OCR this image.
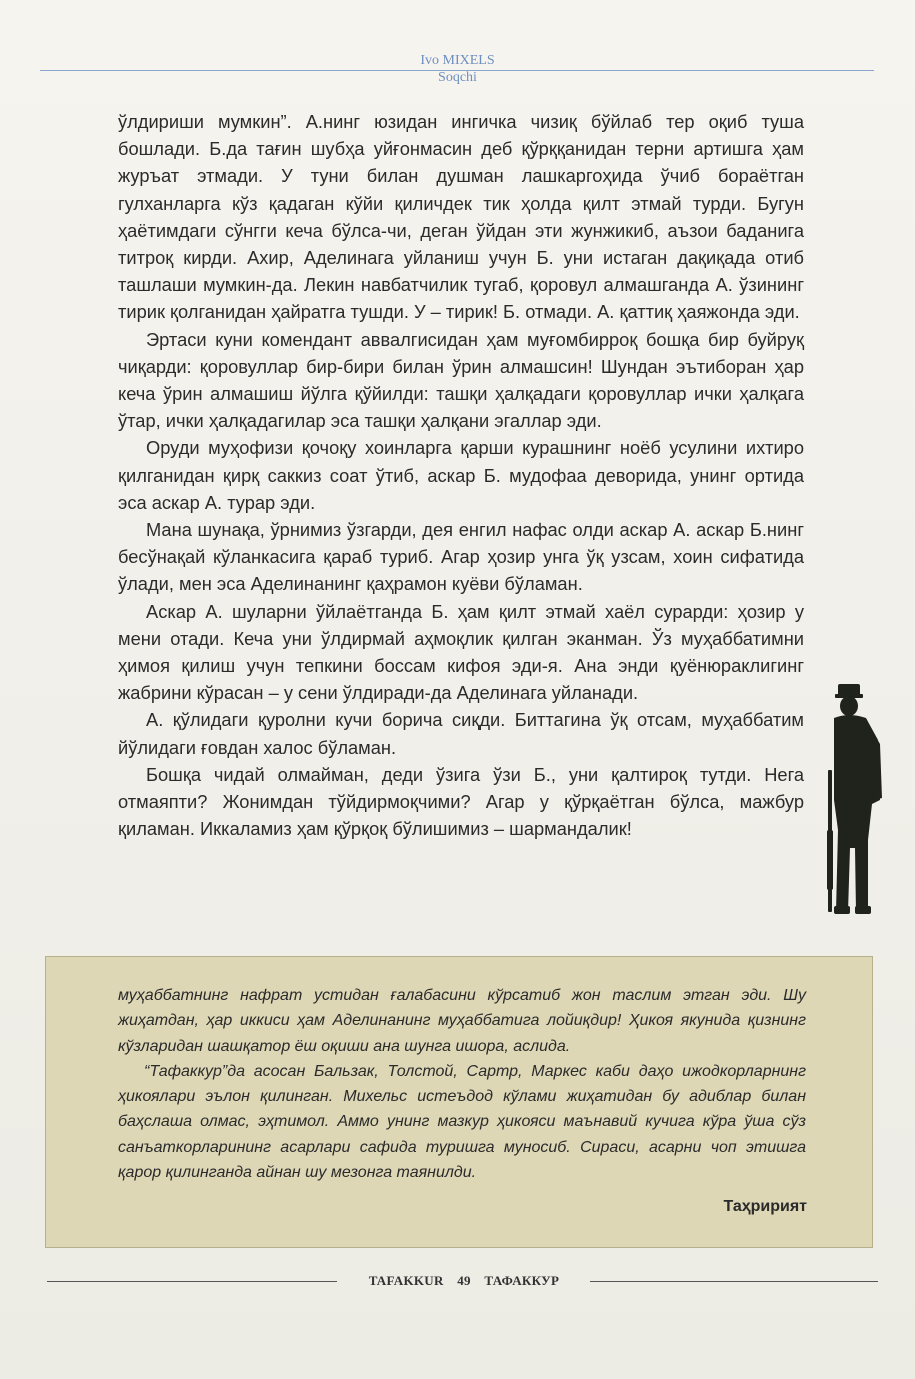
Ivo MIXELS
Soqchi

ўлдириши мумкин”. А.нинг юзидан ингичка чизиқ бўйлаб тер оқиб туша бошлади. Б.да тағин шубҳа уйғонмасин деб қўрққанидан терни артишга ҳам журъат этмади. У туни билан душман лашкаргоҳида ўчиб бораётган гулханларга кўз қадаган кўйи қиличдек тик ҳолда қилт этмай турди. Бугун ҳаётимдаги сўнгги кеча бўлса-чи, деган ўйдан эти жунжикиб, аъзои баданига титроқ кирди. Ахир, Аделинага уйланиш учун Б. уни истаган дақиқада отиб ташлаши мумкин-да. Лекин навбатчилик тугаб, қоровул алмашганда А. ўзининг тирик қолганидан ҳайратга тушди. У – тирик! Б. отмади. А. қаттиқ ҳаяжонда эди.

Эртаси куни комендант аввалгисидан ҳам муғомбирроқ бошқа бир буйруқ чиқарди: қоровуллар бир-бири билан ўрин алмашсин! Шундан эътиборан ҳар кеча ўрин алмашиш йўлга қўйилди: ташқи ҳалқадаги қоровуллар ички ҳалқага ўтар, ички ҳалқадагилар эса ташқи ҳалқани эгаллар эди.

Оруди муҳофизи қочоқу хоинларга қарши курашнинг ноёб усулини ихтиро қилганидан қирқ саккиз соат ўтиб, аскар Б. мудофаа деворида, унинг ортида эса аскар А. турар эди.

Мана шунақа, ўрнимиз ўзгарди, дея енгил нафас олди аскар А. аскар Б.нинг бесўнақай кўланкасига қараб туриб. Агар ҳозир унга ўқ узсам, хоин сифатида ўлади, мен эса Аделинанинг қаҳрамон куёви бўламан.

Аскар А. шуларни ўйлаётганда Б. ҳам қилт этмай хаёл сурарди: ҳозир у мени отади. Кеча уни ўлдирмай аҳмоқлик қилган эканман. Ўз муҳаббатимни ҳимоя қилиш учун тепкини боссам кифоя эди-я. Ана энди қуёнюраклигинг жабрини кўрасан – у сени ўлдиради-да Аделинага уйланади.

А. қўлидаги қуролни кучи борича сиқди. Биттагина ўқ отсам, муҳаббатим йўлидаги ғовдан халос бўламан.

Бошқа чидай олмайман, деди ўзига ўзи Б., уни қалтироқ тутди. Нега отмаяпти? Жонимдан тўйдирмоқчими? Агар у қўрқаётган бўлса, мажбур қиламан. Иккаламиз ҳам қўрқоқ бўлишимиз – шармандалик!

муҳаббатнинг нафрат устидан ғалабасини кўрсатиб жон таслим этган эди. Шу жиҳатдан, ҳар иккиси ҳам Аделинанинг муҳаббатига лойиқдир! Ҳикоя якунида қизнинг кўзларидан шашқатор ёш оқиши ана шунга ишора, аслида.

“Тафаккур”да асосан Бальзак, Толстой, Сартр, Маркес каби даҳо ижодкорларнинг ҳикоялари эълон қилинган. Михельс истеъдод кўлами жиҳатидан бу адиблар билан баҳслаша олмас, эҳтимол. Аммо унинг мазкур ҳикояси маънавий кучига кўра ўша сўз санъаткорларининг асарлари сафида туришга муносиб. Сираси, асарни чоп этишга қарор қилинганда айнан шу мезонга таянилди.

Таҳририят
TAFAKKUR 49 ТАФАККУР
